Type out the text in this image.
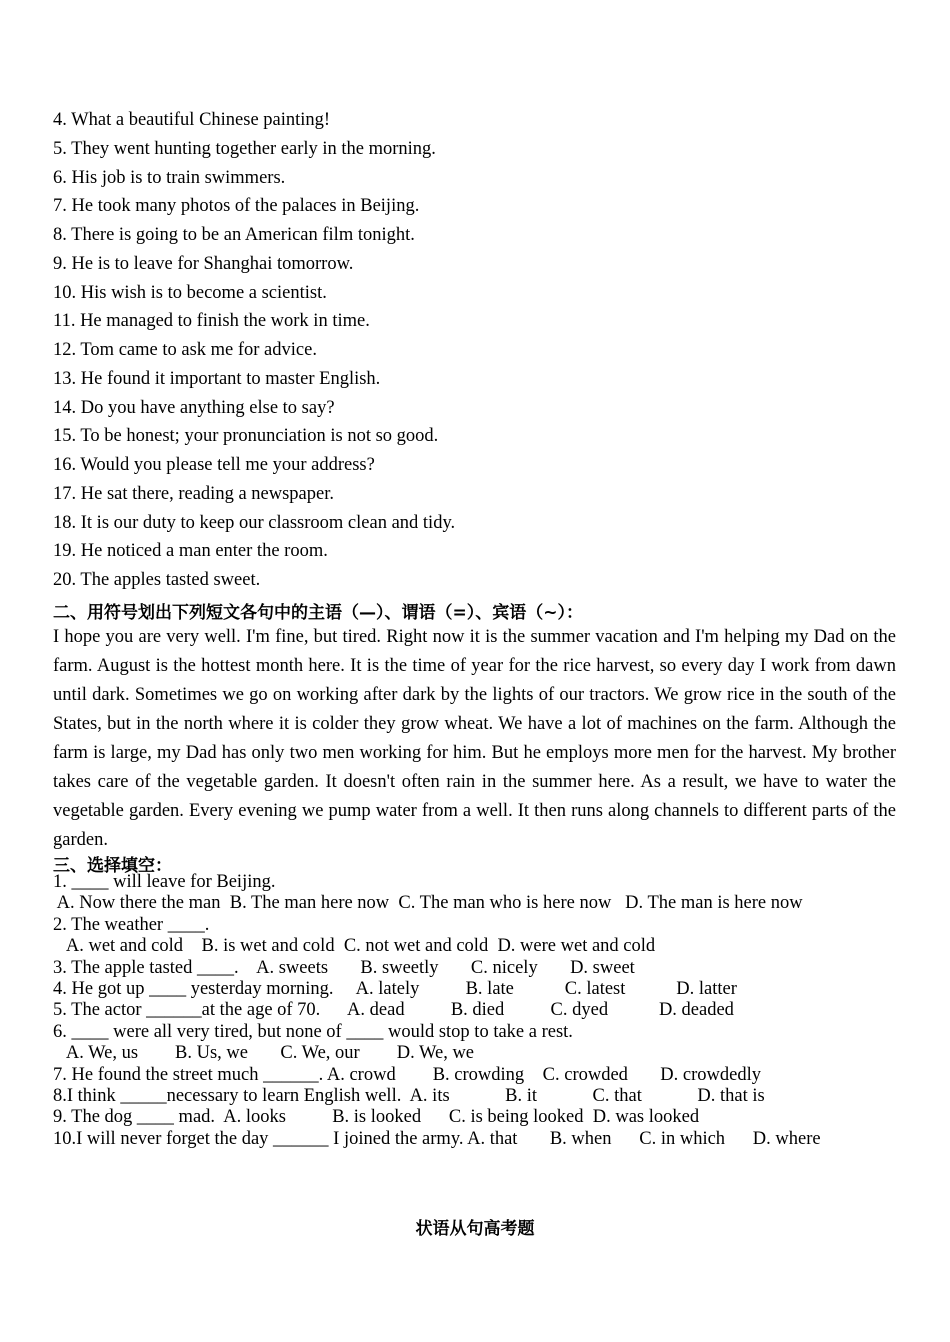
4. What a beautiful Chinese painting!
5. They went hunting together early in the morning.
6. His job is to train swimmers.
7. He took many photos of the palaces in Beijing.
8. There is going to be an American film tonight.
9. He is to leave for Shanghai tomorrow.
10. His wish is to become a scientist.
11. He managed to finish the work in time.
12. Tom came to ask me for advice.
13. He found it important to master English.
14. Do you have anything else to say?
15. To be honest; your pronunciation is not so good.
16. Would you please tell me your address?
17. He sat there, reading a newspaper.
18. It is our duty to keep our classroom clean and tidy.
19. He noticed a man enter the room.
20. The apples tasted sweet.
二、用符号划出下列短文各句中的主语（—）、谓语（=）、宾语（~）：

I hope you are very well. I'm fine, but tired. Right now it is the summer vacation and I'm helping my Dad on the farm. August is the hottest month here. It is the time of year for the rice harvest, so every day I work from dawn until dark. Sometimes we go on working after dark by the lights of our tractors. We grow rice in the south of the States, but in the north where it is colder they grow wheat. We have a lot of machines on the farm. Although the farm is large, my Dad has only two men working for him. But he employs more men for the harvest. My brother takes care of the vegetable garden. It doesn't often rain in the summer here. As a result, we have to water the vegetable garden. Every evening we pump water from a well. It then runs along channels to different parts of the garden.

三、选择填空：
1. ____ will leave for Beijing.
A. Now there the man  B. The man here now  C. The man who is here now   D. The man is here now
2. The weather ____.
A. wet and cold    B. is wet and cold  C. not wet and cold  D. were wet and cold
3. The apple tasted ____.    A. sweets       B. sweetly       C. nicely       D. sweet
4. He got up ____ yesterday morning.     A. lately          B. late           C. latest           D. latter
5. The actor ______at the age of 70.      A. dead          B. died          C. dyed           D. deaded
6. ____ were all very tired, but none of ____ would stop to take a rest.
A. We, us        B. Us, we       C. We, our        D. We, we
7. He found the street much ______. A. crowd        B. crowding    C. crowded       D. crowdedly
8.I think _____necessary to learn English well.  A. its            B. it            C. that            D. that is
9. The dog ____ mad.  A. looks          B. is looked      C. is being looked  D. was looked
10.I will never forget the day ______ I joined the army. A. that       B. when      C. in which      D. where
状语从句高考题
